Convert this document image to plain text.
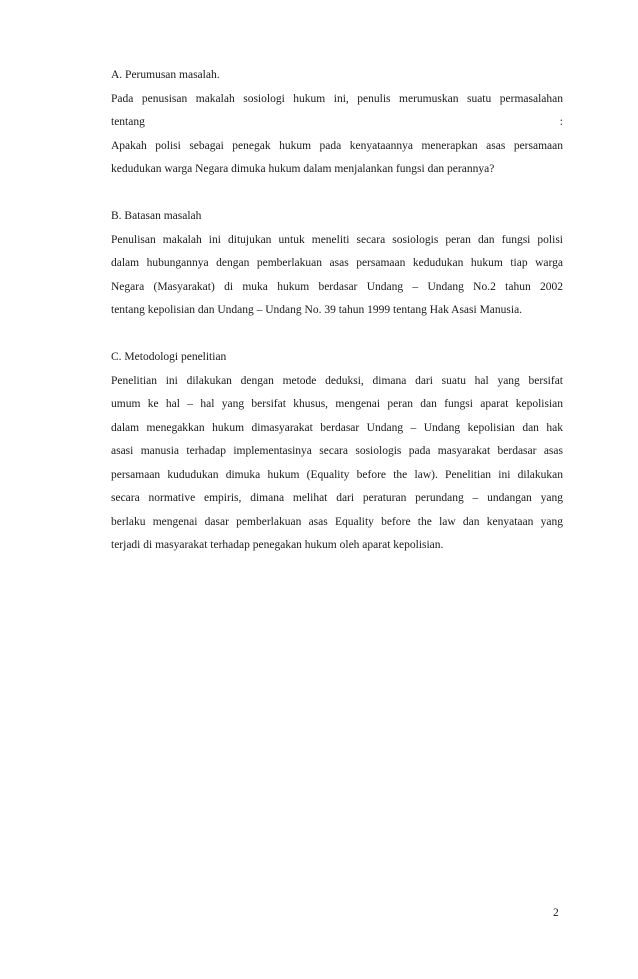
A. Perumusan masalah.
Pada penusisan makalah sosiologi hukum ini, penulis merumuskan suatu permasalahan
tentang	:
Apakah polisi sebagai penegak hukum pada kenyataannya menerapkan asas persamaan
kedudukan warga Negara dimuka hukum dalam menjalankan fungsi dan perannya?
B. Batasan masalah
Penulisan makalah ini ditujukan untuk meneliti secara sosiologis peran dan fungsi polisi
dalam hubungannya dengan pemberlakuan asas persamaan kedudukan hukum tiap warga
Negara (Masyarakat) di muka hukum berdasar Undang – Undang No.2 tahun 2002
tentang kepolisian dan Undang – Undang No. 39 tahun 1999 tentang Hak Asasi Manusia.
C. Metodologi penelitian
Penelitian ini dilakukan dengan metode deduksi, dimana dari suatu hal yang bersifat
umum ke hal – hal yang bersifat khusus, mengenai peran dan fungsi aparat kepolisian
dalam menegakkan hukum dimasyarakat berdasar Undang – Undang kepolisian dan hak
asasi manusia terhadap implementasinya secara sosiologis pada masyarakat berdasar asas
persamaan kududukan dimuka hukum (Equality before the law). Penelitian ini dilakukan
secara normative empiris, dimana melihat dari peraturan perundang – undangan yang
berlaku mengenai dasar pemberlakuan asas Equality before the law dan kenyataan yang
terjadi di masyarakat terhadap penegakan hukum oleh aparat kepolisian.
2
